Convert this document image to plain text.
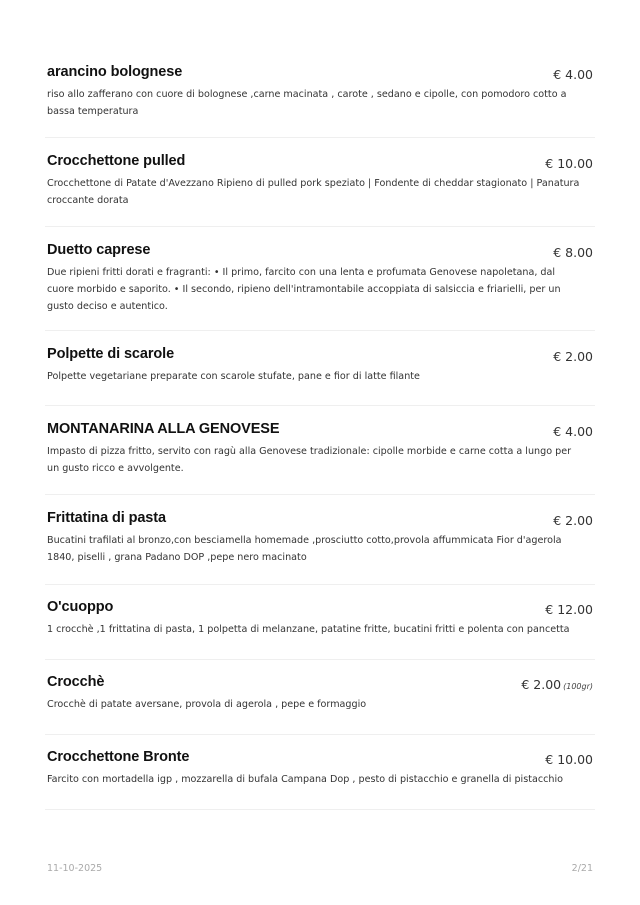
arancino bolognese	€ 4.00

riso allo zafferano con cuore di bolognese ,carne macinata , carote , sedano e cipolle, con pomodoro cotto a bassa temperatura

Crocchettone pulled	€ 10.00

Crocchettone di Patate d'Avezzano Ripieno di pulled pork speziato | Fondente di cheddar stagionato | Panatura croccante dorata

Duetto caprese	€ 8.00

Due ripieni fritti dorati e fragranti: • Il primo, farcito con una lenta e profumata Genovese napoletana, dal cuore morbido e saporito. • Il secondo, ripieno dell'intramontabile accoppiata di salsiccia e friarielli, per un gusto deciso e autentico.

Polpette di scarole	€ 2.00

Polpette vegetariane preparate con scarole stufate, pane e fior di latte filante

MONTANARINA ALLA GENOVESE	€ 4.00

Impasto di pizza fritto, servito con ragù alla Genovese tradizionale: cipolle morbide e carne cotta a lungo per un gusto ricco e avvolgente.

Frittatina di pasta	€ 2.00

Bucatini trafilati al bronzo,con besciamella homemade ,prosciutto cotto,provola affummicata Fior d'agerola 1840, piselli , grana Padano DOP ,pepe nero macinato

O'cuoppo	€ 12.00

1 crocchè ,1 frittatina di pasta, 1 polpetta di melanzane, patatine fritte, bucatini fritti e polenta con pancetta

Crocchè	€ 2.00 (100gr)

Crocchè di patate aversane, provola di agerola , pepe e formaggio

Crocchettone Bronte	€ 10.00

Farcito con mortadella igp , mozzarella di bufala Campana Dop , pesto di pistacchio e granella di pistacchio

11-10-2025	2/21
